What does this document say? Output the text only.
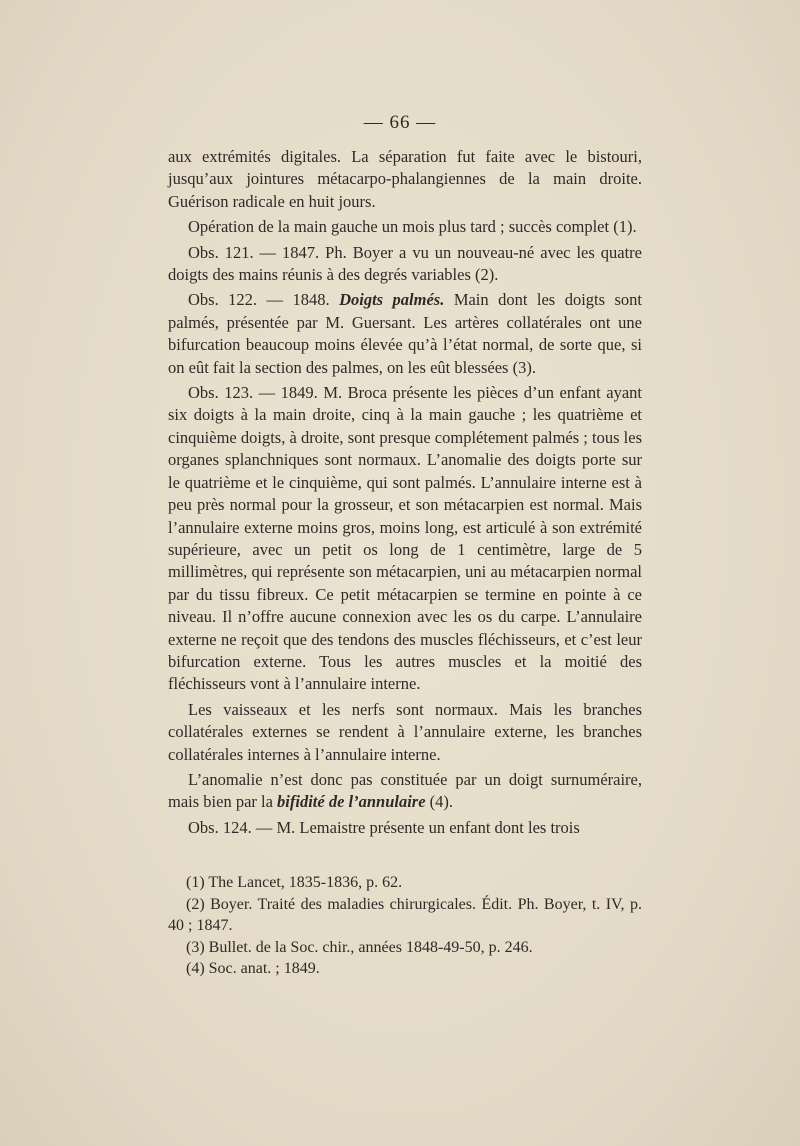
— 66 —

aux extrémités digitales. La séparation fut faite avec le bistouri, jusqu’aux jointures métacarpo-phalangiennes de la main droite. Guérison radicale en huit jours.

Opération de la main gauche un mois plus tard ; succès complet (1).

Obs. 121. — 1847. Ph. Boyer a vu un nouveau-né avec les quatre doigts des mains réunis à des degrés variables (2).

Obs. 122. — 1848. Doigts palmés. Main dont les doigts sont palmés, présentée par M. Guersant. Les artères collatérales ont une bifurcation beaucoup moins élevée qu’à l’état normal, de sorte que, si on eût fait la section des palmes, on les eût blessées (3).

Obs. 123. — 1849. M. Broca présente les pièces d’un enfant ayant six doigts à la main droite, cinq à la main gauche ; les quatrième et cinquième doigts, à droite, sont presque complétement palmés ; tous les organes splanchniques sont normaux. L’anomalie des doigts porte sur le quatrième et le cinquième, qui sont palmés. L’annulaire interne est à peu près normal pour la grosseur, et son métacarpien est normal. Mais l’annulaire externe moins gros, moins long, est articulé à son extrémité supérieure, avec un petit os long de 1 centimètre, large de 5 millimètres, qui représente son métacarpien, uni au métacarpien normal par du tissu fibreux. Ce petit métacarpien se termine en pointe à ce niveau. Il n’offre aucune connexion avec les os du carpe. L’annulaire externe ne reçoit que des tendons des muscles fléchisseurs, et c’est leur bifurcation externe. Tous les autres muscles et la moitié des fléchisseurs vont à l’annulaire interne.

Les vaisseaux et les nerfs sont normaux. Mais les branches collatérales externes se rendent à l’annulaire externe, les branches collatérales internes à l’annulaire interne.

L’anomalie n’est donc pas constituée par un doigt surnuméraire, mais bien par la bifidité de l’annulaire (4).

Obs. 124. — M. Lemaistre présente un enfant dont les trois

(1) The Lancet, 1835-1836, p. 62.

(2) Boyer. Traité des maladies chirurgicales. Édit. Ph. Boyer, t. IV, p. 40 ; 1847.

(3) Bullet. de la Soc. chir., années 1848-49-50, p. 246.

(4) Soc. anat. ; 1849.
